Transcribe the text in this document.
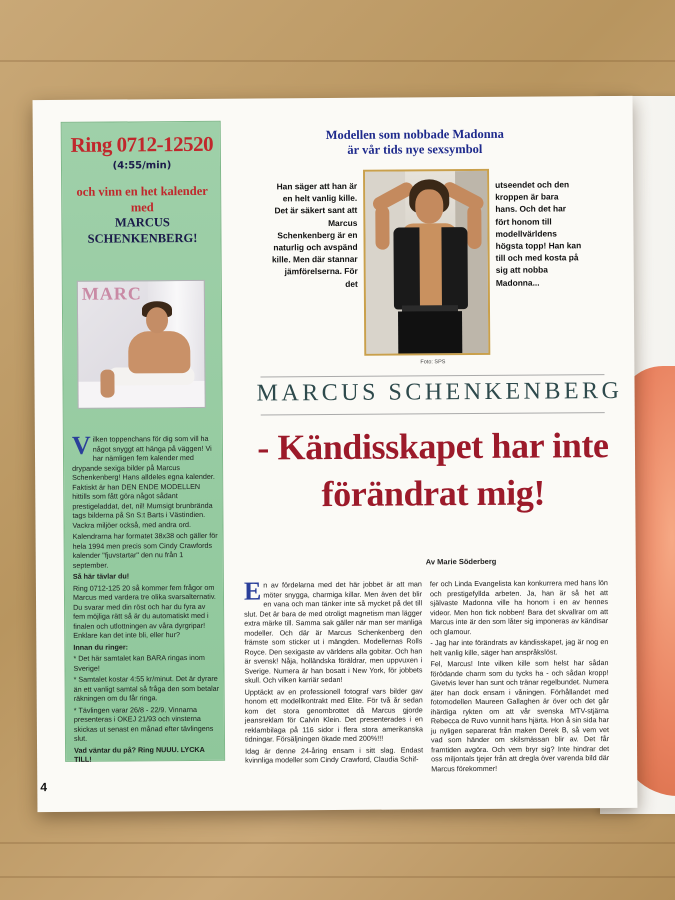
Ring 0712-12520
(4:55/min)
och vinn en het kalender med
MARCUS
SCHENKENBERG!
MARC

Vilken toppenchans för dig som vill ha något snyggt att hänga på väggen! Vi har nämligen fem kalender med drypande sexiga bilder på Marcus Schenkenberg! Hans alldeles egna kalender. Faktiskt är han DEN ENDE MODELLEN hittills som fått göra något sådant prestigeladdat, det, nil! Mumsigt brunbrända tags bilderna på Sn S:t Barts i Västindien. Vackra miljöer också, med andra ord.

Kalendrarna har formatet 38x38 och gäller för hela 1994 men precis som Cindy Crawfords kalender "fjuvstartar" den nu från 1 september.

Så här tävlar du!

Ring 0712-125 20 så kommer fem frågor om Marcus med vardera tre olika svarsalternativ. Du svarar med din röst och har du fyra av fem möjliga rätt så är du automatiskt med i finalen och utlottningen av våra dyrgripar! Enklare kan det inte bli, eller hur?

Innan du ringer:

* Det här samtalet kan BARA ringas inom Sverige!

* Samtalet kostar 4:55 kr/minut. Det är dyrare än ett vanligt samtal så fråga den som betalar räkningen om du får ringa.

* Tävlingen varar 26/8 - 22/9. Vinnarna presenteras i OKEJ 21/93 och vinsterna skickas ut senast en månad efter tävlingens slut.

Vad väntar du på? Ring NUUU. LYCKA TILL!

4
Modellen som nobbade Madonna
är vår tids nye sexsymbol
Han säger att han är en helt vanlig kille. Det är säkert sant att Marcus Schenkenberg är en naturlig och avspänd kille. Men där stannar jämförelserna. För det
Foto: SPS
utseendet och den kroppen är bara hans. Och det har fört honom till modellvärldens högsta topp! Han kan till och med kosta på sig att nobba Madonna...
MARCUS SCHENKENBERG
- Kändisskapet har inte
förändrat mig!
Av Marie Söderberg

En av fördelarna med det här jobbet är att man möter snygga, charmiga killar. Men även det blir en vana och man tänker inte så mycket på det till slut. Det är bara de med otroligt magnetism man lägger extra märke till. Samma sak gäller när man ser manliga modeller. Och där är Marcus Schenkenberg den främste som sticker ut i mängden. Modellernas Rolls Royce. Den sexigaste av världens alla gobitar. Och han är svensk! Nåja, holländska föräldrar, men uppvuxen i Sverige. Numera är han bosatt i New York, för jobbets skull. Och vilken karriär sedan!

Upptäckt av en professionell fotograf vars bilder gav honom ett modellkontrakt med Elite. För två år sedan kom det stora genombrottet då Marcus gjorde jeansreklam för Calvin Klein. Det presenterades i en reklambilaga på 116 sidor i flera stora amerikanska tidningar. Försäljningen ökade med 200%!!!

Idag är denne 24-åring ensam i sitt slag. Endast kvinnliga modeller som Cindy Crawford, Claudia Schif-

fer och Linda Evangelista kan konkurrera med hans lön och prestigefyllda arbeten. Ja, han är så het att självaste Madonna ville ha honom i en av hennes videor. Men hon fick nobben! Bara det skvallrar om att Marcus inte är den som låter sig imponeras av kändisar och glamour.

- Jag har inte förändrats av kändisskapet, jag är nog en helt vanlig kille, säger han anspråkslöst.

Fel, Marcus! Inte vilken kille som helst har sådan förödande charm som du tycks ha - och sådan kropp! Givetvis lever han sunt och tränar regelbundet. Numera äter han dock ensam i våningen. Förhållandet med fotomodellen Maureen Gallaghen är över och det går ihärdiga rykten om att vår svenska MTV-stjärna Rebecca de Ruvo vunnit hans hjärta. Hon å sin sida har ju nyligen separerat från maken Derek B, så vem vet vad som händer om skilsmässan blir av. Det får framtiden avgöra. Och vem bryr sig? Inte hindrar det oss miljontals tjejer från att dregla över varenda bild där Marcus förekommer!
